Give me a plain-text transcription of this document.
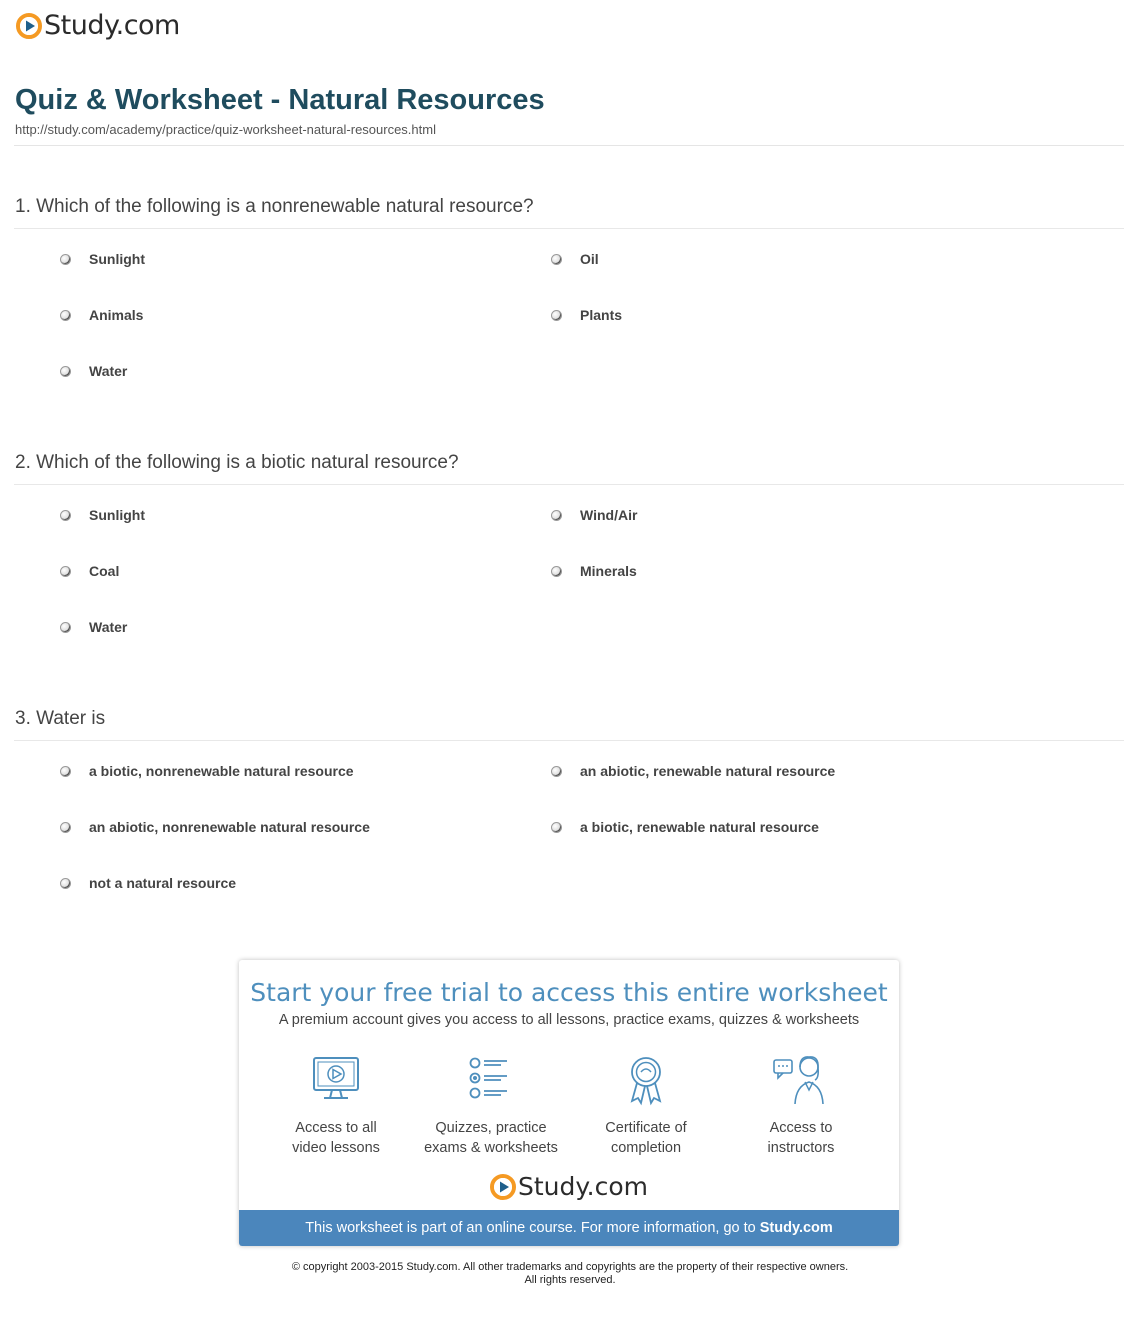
Study.com
Quiz & Worksheet - Natural Resources
http://study.com/academy/practice/quiz-worksheet-natural-resources.html
1. Which of the following is a nonrenewable natural resource?
Sunlight	Oil
Animals	Plants
Water
2. Which of the following is a biotic natural resource?
Sunlight	Wind/Air
Coal	Minerals
Water
3. Water is
a biotic, nonrenewable natural resource	an abiotic, renewable natural resource
an abiotic, nonrenewable natural resource	a biotic, renewable natural resource
not a natural resource
Start your free trial to access this entire worksheet
A premium account gives you access to all lessons, practice exams, quizzes & worksheets
Access to all
video lessons
Quizzes, practice
exams & worksheets
Certificate of
completion
Access to
instructors
Study.com
This worksheet is part of an online course. For more information, go to Study.com
© copyright 2003-2015 Study.com. All other trademarks and copyrights are the property of their respective owners.
All rights reserved.
